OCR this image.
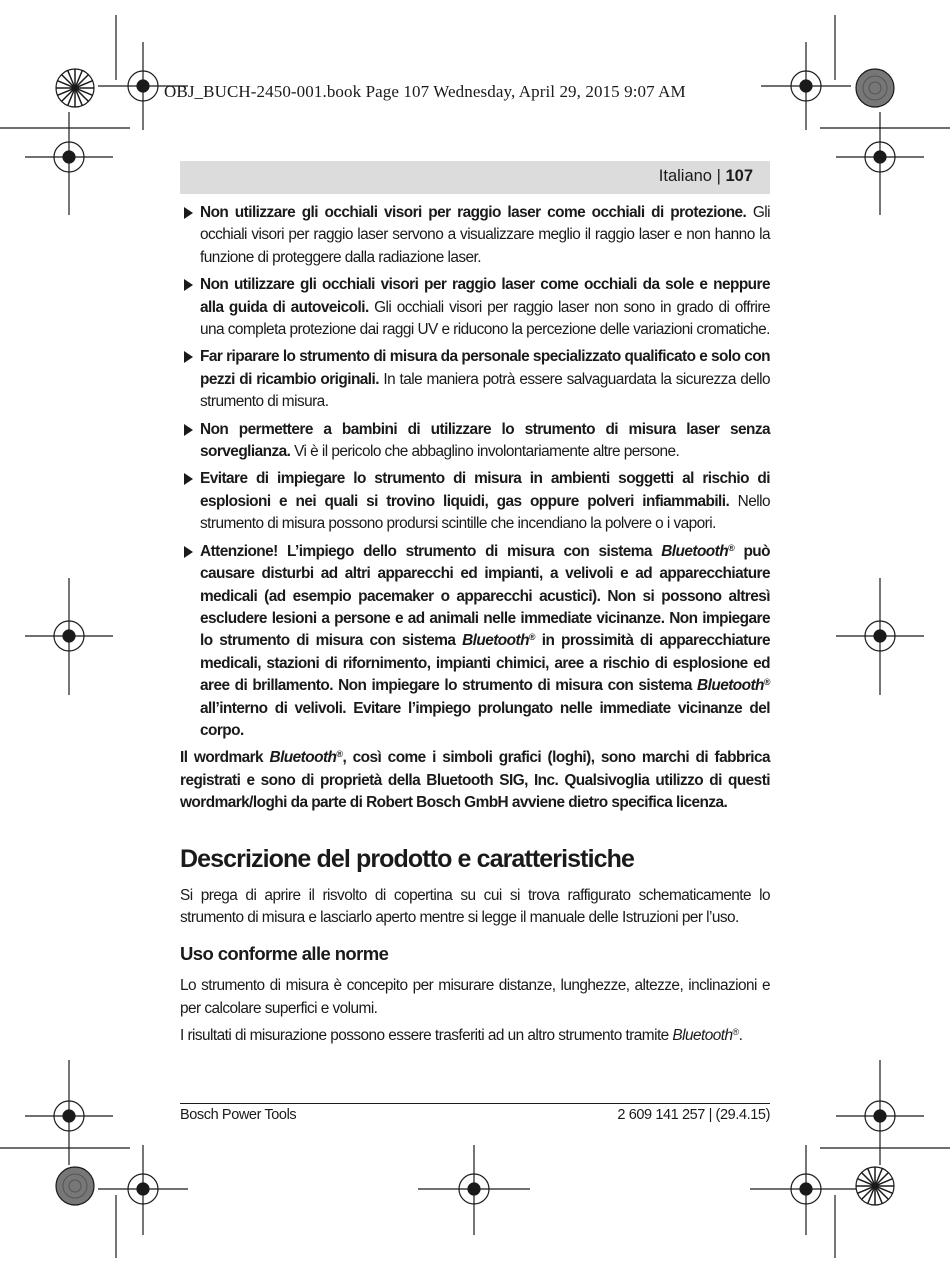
OBJ_BUCH-2450-001.book Page 107 Wednesday, April 29, 2015 9:07 AM
Italiano | 107
Non utilizzare gli occhiali visori per raggio laser come occhiali di protezione. Gli occhiali visori per raggio laser servono a visualizzare meglio il raggio laser e non hanno la funzione di proteggere dalla radiazione laser.
Non utilizzare gli occhiali visori per raggio laser come occhiali da sole e neppure alla guida di autoveicoli. Gli occhiali visori per raggio laser non sono in grado di offrire una completa protezione dai raggi UV e riducono la percezione delle variazioni cromatiche.
Far riparare lo strumento di misura da personale specializzato qualificato e solo con pezzi di ricambio originali. In tale maniera potrà essere salvaguardata la sicurezza dello strumento di misura.
Non permettere a bambini di utilizzare lo strumento di misura laser senza sorveglianza. Vi è il pericolo che abbaglino involontariamente altre persone.
Evitare di impiegare lo strumento di misura in ambienti soggetti al rischio di esplosioni e nei quali si trovino liquidi, gas oppure polveri infiammabili. Nello strumento di misura possono prodursi scintille che incendiano la polvere o i vapori.
Attenzione! L’impiego dello strumento di misura con sistema Bluetooth® può causare disturbi ad altri apparecchi ed impianti, a velivoli e ad apparecchiature medicali (ad esempio pacemaker o apparecchi acustici). Non si possono altresì escludere lesioni a persone e ad animali nelle immediate vicinanze. Non impiegare lo strumento di misura con sistema Bluetooth® in prossimità di apparecchiature medicali, stazioni di rifornimento, impianti chimici, aree a rischio di esplosione ed aree di brillamento. Non impiegare lo strumento di misura con sistema Bluetooth® all’interno di velivoli. Evitare l’impiego prolungato nelle immediate vicinanze del corpo.

Il wordmark Bluetooth®, così come i simboli grafici (loghi), sono marchi di fabbrica registrati e sono di proprietà della Bluetooth SIG, Inc. Qualsivoglia utilizzo di questi wordmark/loghi da parte di Robert Bosch GmbH avviene dietro specifica licenza.

Descrizione del prodotto e caratteristiche

Si prega di aprire il risvolto di copertina su cui si trova raffigurato schematicamente lo strumento di misura e lasciarlo aperto mentre si legge il manuale delle Istruzioni per l’uso.

Uso conforme alle norme

Lo strumento di misura è concepito per misurare distanze, lunghezze, altezze, inclinazioni e per calcolare superfici e volumi.

I risultati di misurazione possono essere trasferiti ad un altro strumento tramite Bluetooth®.

Bosch Power Tools	2 609 141 257 | (29.4.15)
